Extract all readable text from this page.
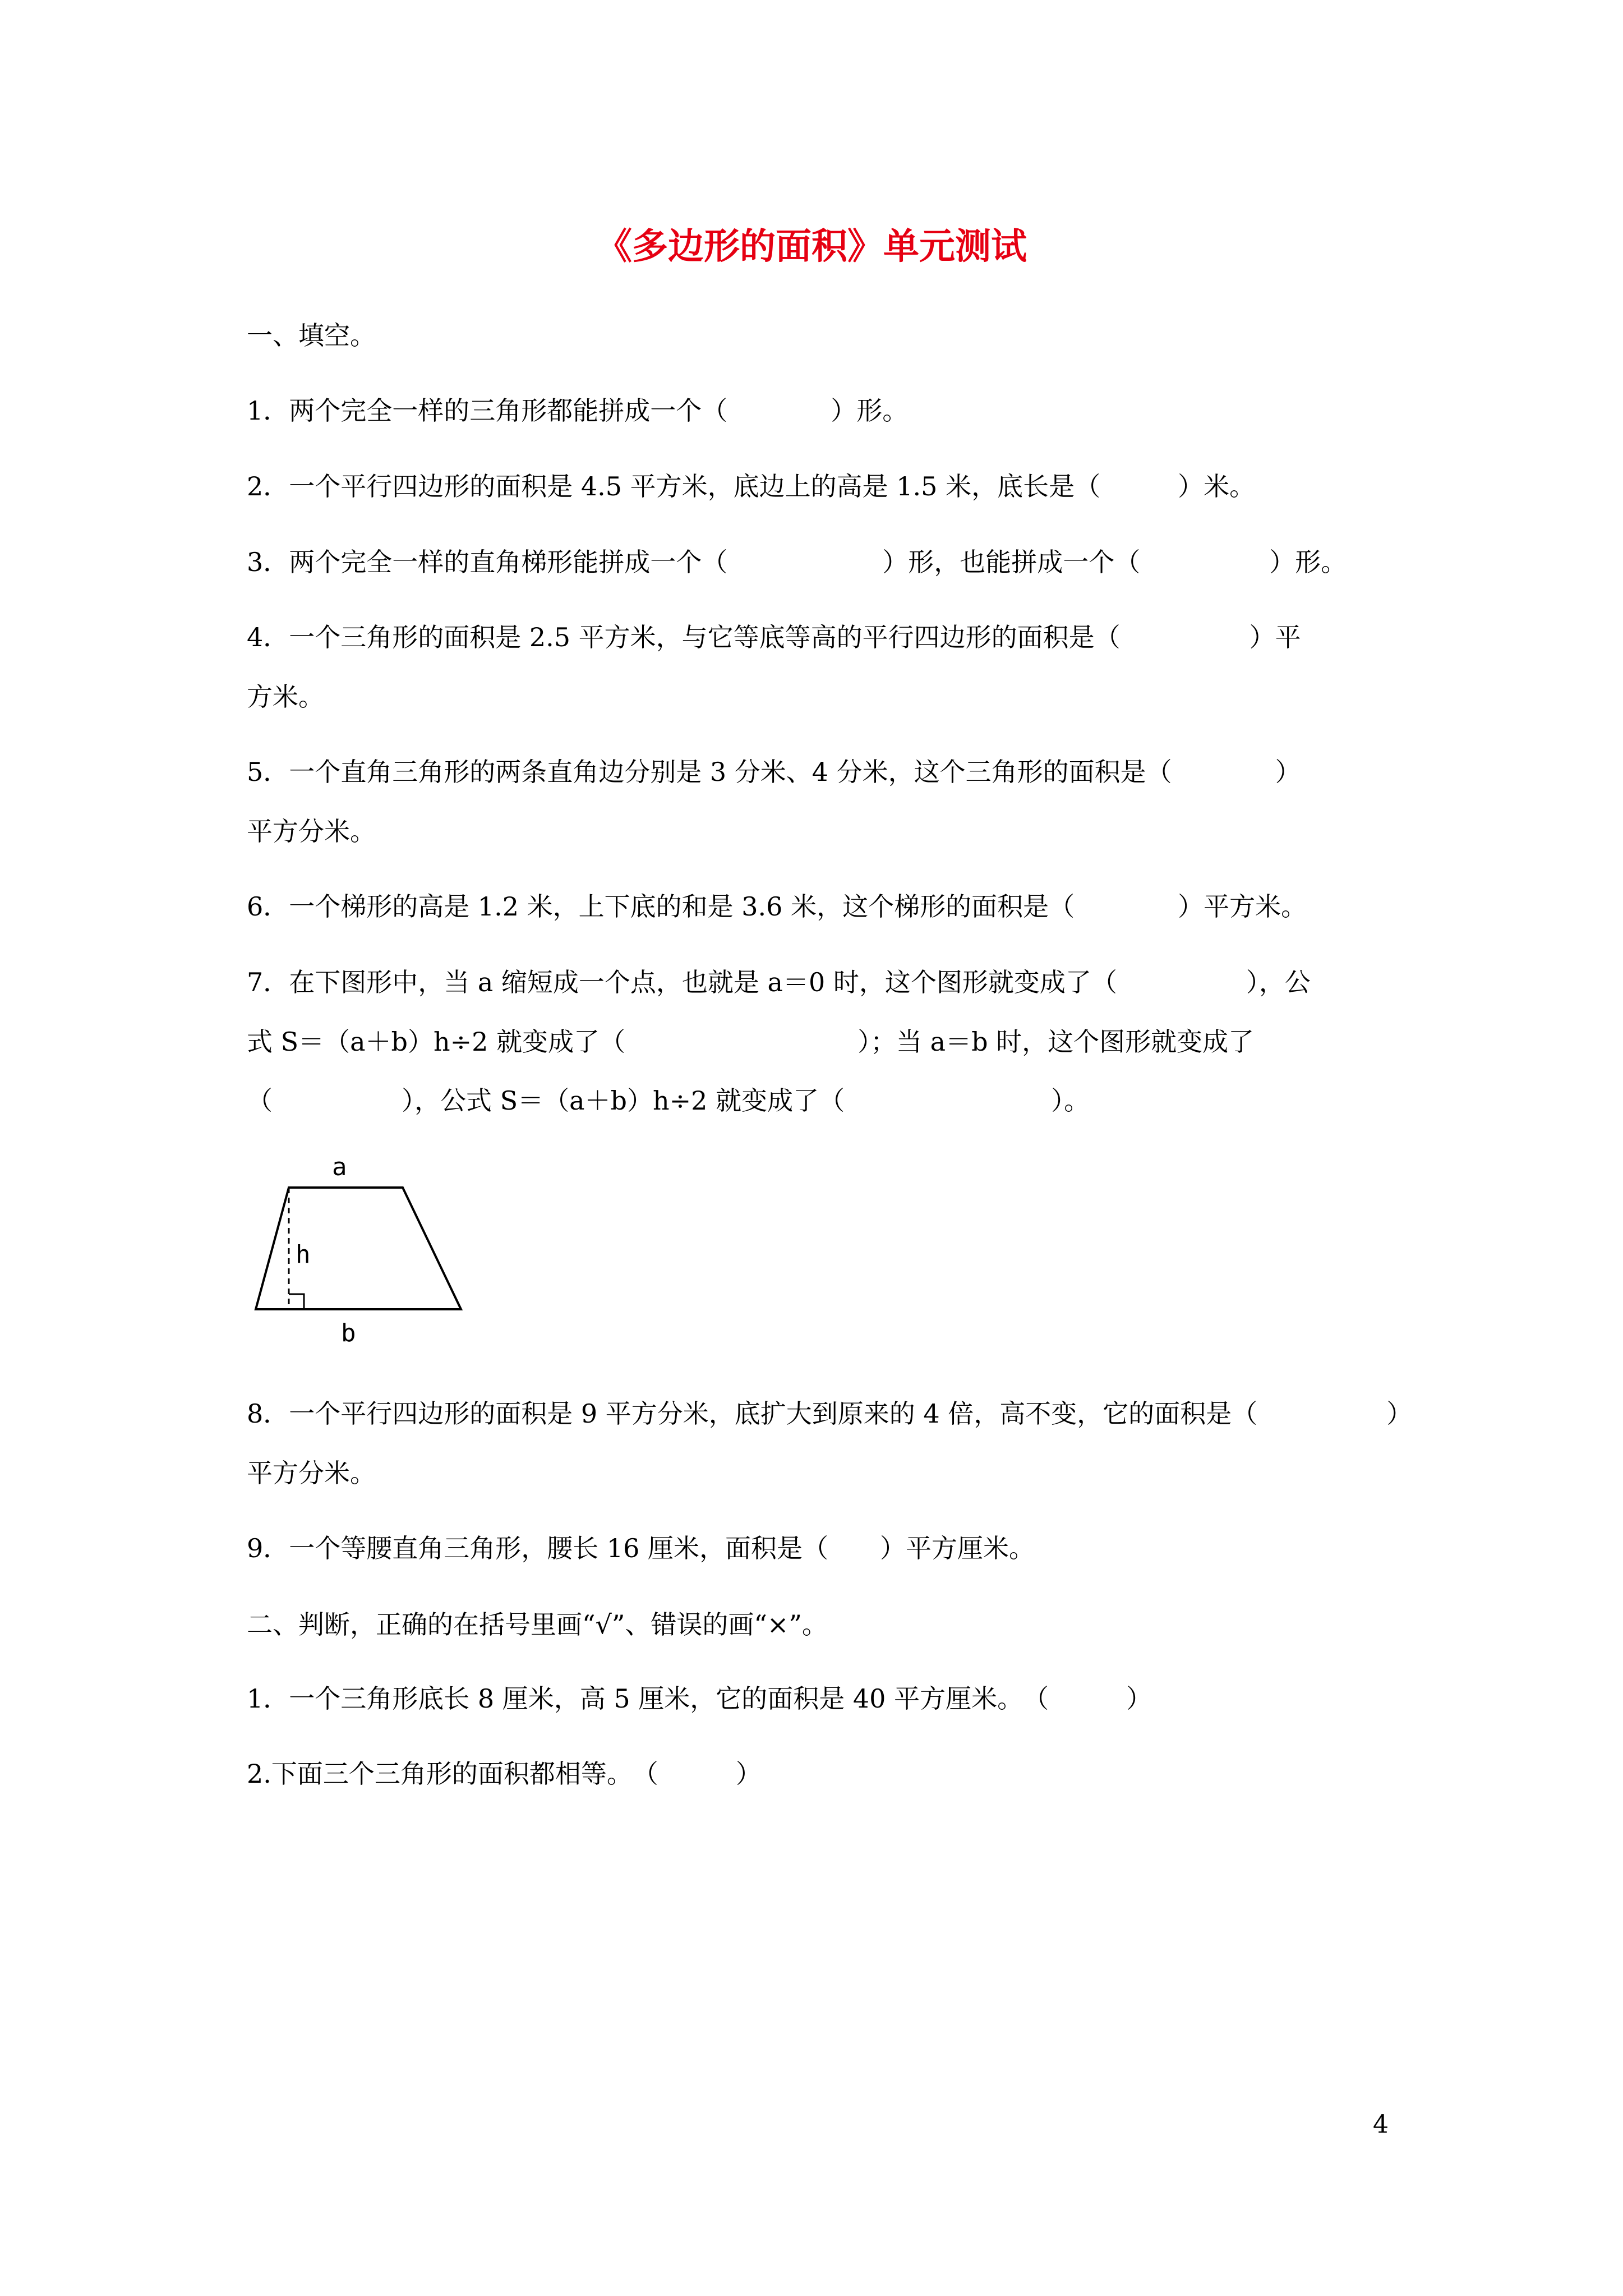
《多边形的面积》单元测试
一、填空。
1．两个完全一样的三角形都能拼成一个（　　　　）形。
2．一个平行四边形的面积是 4.5 平方米，底边上的高是 1.5 米，底长是（　　　）米。
3．两个完全一样的直角梯形能拼成一个（　　　　　　）形，也能拼成一个（　　　　　）形。
4．一个三角形的面积是 2.5 平方米，与它等底等高的平行四边形的面积是（　　　　　）平
方米。
5．一个直角三角形的两条直角边分别是 3 分米、4 分米，这个三角形的面积是（　　　　）
平方分米。
6．一个梯形的高是 1.2 米，上下底的和是 3.6 米，这个梯形的面积是（　　　　）平方米。
7．在下图形中，当 a 缩短成一个点，也就是 a＝0 时，这个图形就变成了（　　　　　），公
式 S＝（a＋b）h÷2 就变成了（　　　　　　　　　）；当 a＝b 时，这个图形就变成了
（　　　　　），公式 S＝（a＋b）h÷2 就变成了（　　　　　　　　）。
a
h
b
8．一个平行四边形的面积是 9 平方分米，底扩大到原来的 4 倍，高不变，它的面积是（　　　　　）
平方分米。
9．一个等腰直角三角形，腰长 16 厘米，面积是（　　）平方厘米。
二、判断，正确的在括号里画“√”、错误的画“×”。
1．一个三角形底长 8 厘米，高 5 厘米，它的面积是 40 平方厘米。　（　　　）
2.下面三个三角形的面积都相等。　（　　　）
4
